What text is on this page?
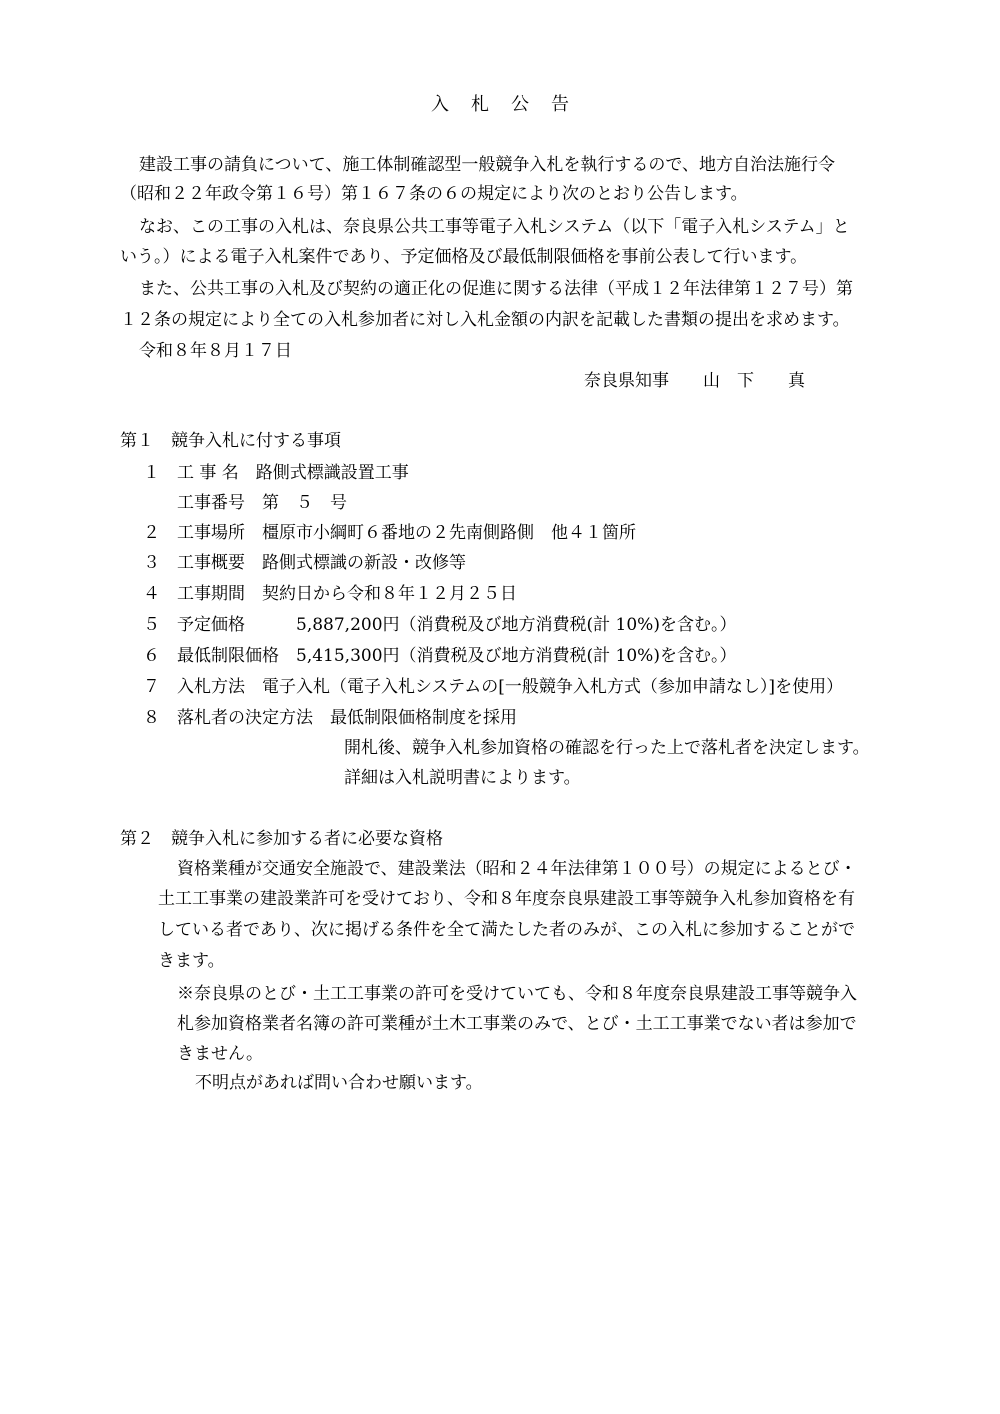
入 札 公 告
建設工事の請負について、施工体制確認型一般競争入札を執行するので、地方自治法施行令
（昭和２２年政令第１６号）第１６７条の６の規定により次のとおり公告します。
なお、この工事の入札は、奈良県公共工事等電子入札システム（以下「電子入札システム」と
いう。）による電子入札案件であり、予定価格及び最低制限価格を事前公表して行います。
また、公共工事の入札及び契約の適正化の促進に関する法律（平成１２年法律第１２７号）第
１２条の規定により全ての入札参加者に対し入札金額の内訳を記載した書類の提出を求めます。
令和８年８月１７日
奈良県知事　　山　下　　真
第１　競争入札に付する事項
１ 工 事 名　路側式標識設置工事
工事番号　第　５　号
２ 工事場所　橿原市小綱町６番地の２先南側路側　他４１箇所
３ 工事概要　路側式標識の新設・改修等
４ 工事期間　契約日から令和８年１２月２５日
５ 予定価格　　　5,887,200円（消費税及び地方消費税(計 10%)を含む。）
６ 最低制限価格　5,415,300円（消費税及び地方消費税(計 10%)を含む。）
７ 入札方法　電子入札（電子入札システムの[一般競争入札方式（参加申請なし）]を使用）
８ 落札者の決定方法　最低制限価格制度を採用
開札後、競争入札参加資格の確認を行った上で落札者を決定します。
詳細は入札説明書によります。
第２　競争入札に参加する者に必要な資格
資格業種が交通安全施設で、建設業法（昭和２４年法律第１００号）の規定によるとび・
土工工事業の建設業許可を受けており、令和８年度奈良県建設工事等競争入札参加資格を有
している者であり、次に掲げる条件を全て満たした者のみが、この入札に参加することがで
きます。
※奈良県のとび・土工工事業の許可を受けていても、令和８年度奈良県建設工事等競争入
札参加資格業者名簿の許可業種が土木工事業のみで、とび・土工工事業でない者は参加で
きません。
不明点があれば問い合わせ願います。
